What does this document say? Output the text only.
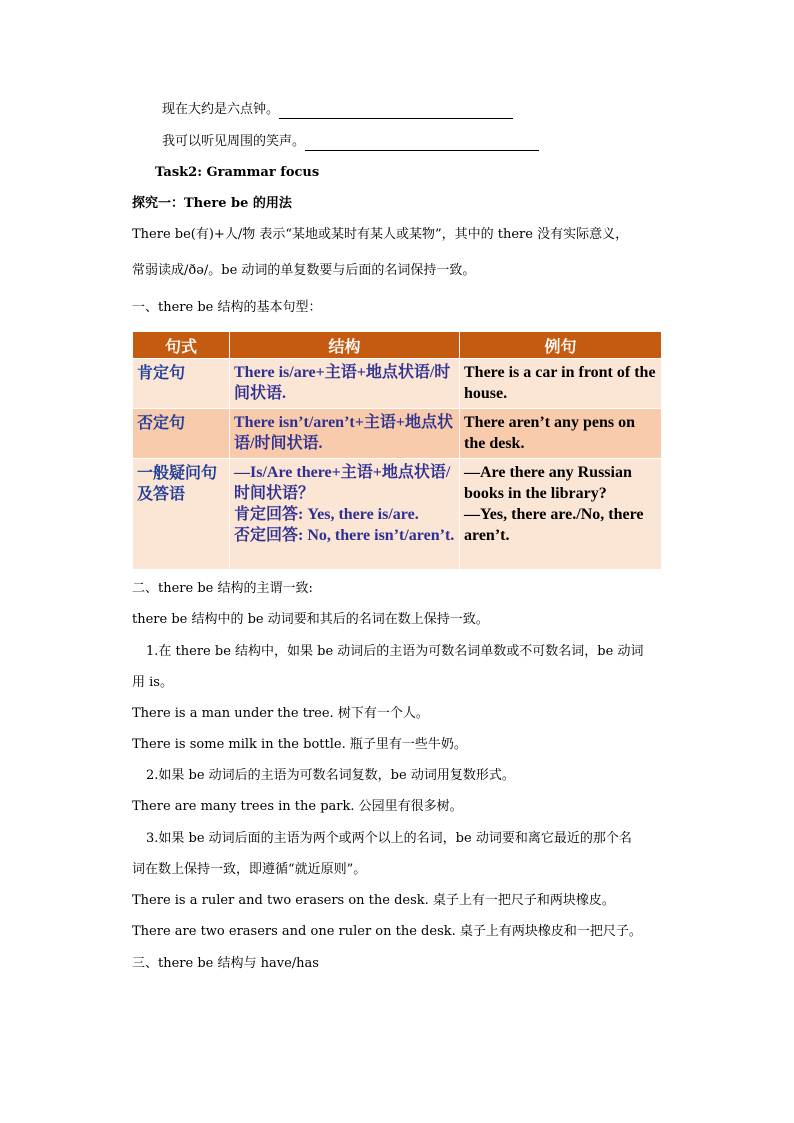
现在大约是六点钟。
我可以听见周围的笑声。
Task2: Grammar focus
探究一：There be 的用法
There be(有)+人/物 表示“某地或某时有某人或某物”，其中的 there 没有实际意义，
常弱读成/ðə/。be 动词的单复数要与后面的名词保持一致。
一、there be 结构的基本句型：
句式	结构	例句
肯定句	There is/are+主语+地点状语/时间状语.	There is a car in front of the house.

否定句	There isn’t/aren’t+主语+地点状语/时间状语.	There aren’t any pens on the desk.

一般疑问句及答语	—Is/Are there+主语+地点状语/时间状语？
肯定回答: Yes, there is/are.
否定回答: No, there isn’t/aren’t.	—Are there any Russian books in the library?
—Yes, there are./No, there aren’t.
二、there be 结构的主谓一致:
there be 结构中的 be 动词要和其后的名词在数上保持一致。
1.在 there be 结构中，如果 be 动词后的主语为可数名词单数或不可数名词，be 动词
用 is。
There is a man under the tree. 树下有一个人。
There is some milk in the bottle. 瓶子里有一些牛奶。
2.如果 be 动词后的主语为可数名词复数，be 动词用复数形式。
There are many trees in the park. 公园里有很多树。
3.如果 be 动词后面的主语为两个或两个以上的名词，be 动词要和离它最近的那个名
词在数上保持一致，即遵循“就近原则”。
There is a ruler and two erasers on the desk. 桌子上有一把尺子和两块橡皮。
There are two erasers and one ruler on the desk. 桌子上有两块橡皮和一把尺子。
三、there be 结构与 have/has
